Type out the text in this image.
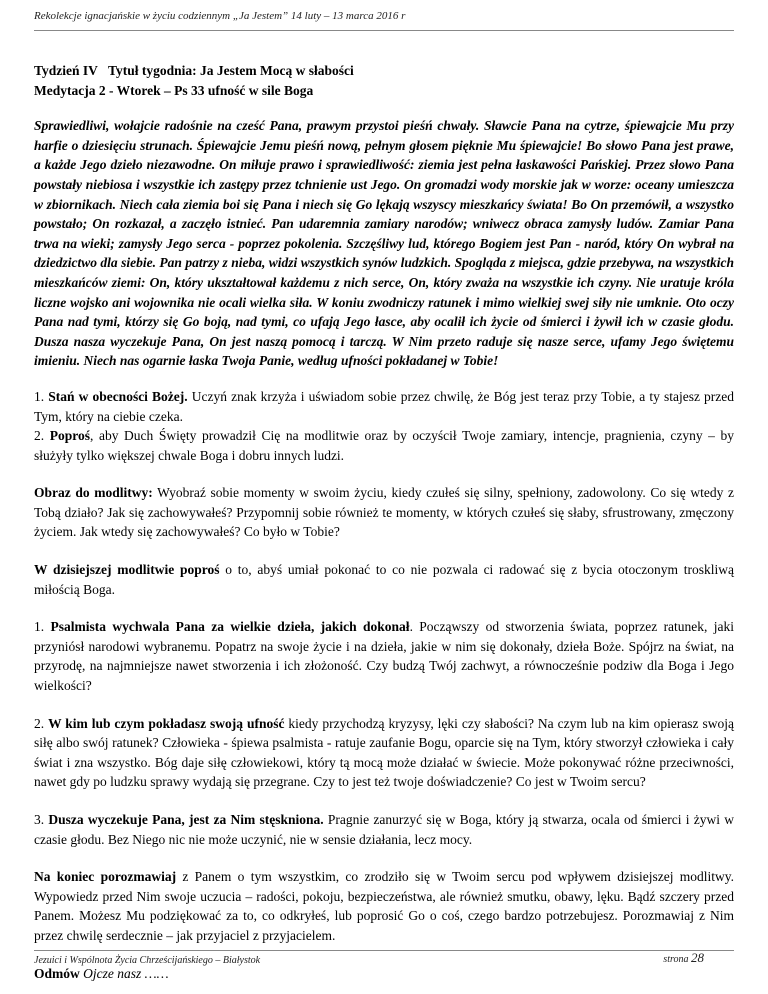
Rekolekcje ignacjańskie w życiu codziennym „Ja Jestem” 14 luty – 13 marca 2016 r

Tydzień IV Tytuł tygodnia: Ja Jestem Mocą w słabości

Medytacja 2 - Wtorek – Ps 33 ufność w sile Boga

Sprawiedliwi, wołajcie radośnie na cześć Pana, prawym przystoi pieśń chwały. Sławcie Pana na cytrze, śpiewajcie Mu przy harfie o dziesięciu strunach. Śpiewajcie Jemu pieśń nową, pełnym głosem pięknie Mu śpiewajcie! Bo słowo Pana jest prawe, a każde Jego dzieło niezawodne. On miłuje prawo i sprawiedliwość: ziemia jest pełna łaskawości Pańskiej. Przez słowo Pana powstały niebiosa i wszystkie ich zastępy przez tchnienie ust Jego. On gromadzi wody morskie jak w worze: oceany umieszcza w zbiornikach. Niech cała ziemia boi się Pana i niech się Go lękają wszyscy mieszkańcy świata! Bo On przemówił, a wszystko powstało; On rozkazał, a zaczęło istnieć. Pan udaremnia zamiary narodów; wniwecz obraca zamysły ludów. Zamiar Pana trwa na wieki; zamysły Jego serca - poprzez pokolenia. Szczęśliwy lud, którego Bogiem jest Pan - naród, który On wybrał na dziedzictwo dla siebie. Pan patrzy z nieba, widzi wszystkich synów ludzkich. Spogląda z miejsca, gdzie przebywa, na wszystkich mieszkańców ziemi: On, który ukształtował każdemu z nich serce, On, który zważa na wszystkie ich czyny. Nie uratuje króla liczne wojsko ani wojownika nie ocali wielka siła. W koniu zwodniczy ratunek i mimo wielkiej swej siły nie umknie. Oto oczy Pana nad tymi, którzy się Go boją, nad tymi, co ufają Jego łasce, aby ocalił ich życie od śmierci i żywił ich w czasie głodu. Dusza nasza wyczekuje Pana, On jest naszą pomocą i tarczą. W Nim przeto raduje się nasze serce, ufamy Jego świętemu imieniu. Niech nas ogarnie łaska Twoja Panie, według ufności pokładanej w Tobie!

1. Stań w obecności Bożej. Uczyń znak krzyża i uświadom sobie przez chwilę, że Bóg jest teraz przy Tobie, a ty stajesz przed Tym, który na ciebie czeka.

2. Poproś, aby Duch Święty prowadził Cię na modlitwie oraz by oczyścił Twoje zamiary, intencje, pragnienia, czyny – by służyły tylko większej chwale Boga i dobru innych ludzi.

Obraz do modlitwy: Wyobraź sobie momenty w swoim życiu, kiedy czułeś się silny, spełniony, zadowolony. Co się wtedy z Tobą działo? Jak się zachowywałeś? Przypomnij sobie również te momenty, w których czułeś się słaby, sfrustrowany, zmęczony życiem. Jak wtedy się zachowywałeś? Co było w Tobie?

W dzisiejszej modlitwie poproś o to, abyś umiał pokonać to co nie pozwala ci radować się z bycia otoczonym troskliwą miłością Boga.

1. Psalmista wychwala Pana za wielkie dzieła, jakich dokonał. Począwszy od stworzenia świata, poprzez ratunek, jaki przyniósł narodowi wybranemu. Popatrz na swoje życie i na dzieła, jakie w nim się dokonały, dzieła Boże. Spójrz na świat, na przyrodę, na najmniejsze nawet stworzenia i ich złożoność. Czy budzą Twój zachwyt, a równocześnie podziw dla Boga i Jego wielkości?

2. W kim lub czym pokładasz swoją ufność kiedy przychodzą kryzysy, lęki czy słabości? Na czym lub na kim opierasz swoją siłę albo swój ratunek? Człowieka - śpiewa psalmista - ratuje zaufanie Bogu, oparcie się na Tym, który stworzył człowieka i cały świat i zna wszystko. Bóg daje siłę człowiekowi, który tą mocą może działać w świecie. Może pokonywać różne przeciwności, nawet gdy po ludzku sprawy wydają się przegrane. Czy to jest też twoje doświadczenie? Co jest w Twoim sercu?

3. Dusza wyczekuje Pana, jest za Nim stęskniona. Pragnie zanurzyć się w Boga, który ją stwarza, ocala od śmierci i żywi w czasie głodu. Bez Niego nic nie może uczynić, nie w sensie działania, lecz mocy.

Na koniec porozmawiaj z Panem o tym wszystkim, co zrodziło się w Twoim sercu pod wpływem dzisiejszej modlitwy. Wypowiedz przed Nim swoje uczucia – radości, pokoju, bezpieczeństwa, ale również smutku, obawy, lęku. Bądź szczery przed Panem. Możesz Mu podziękować za to, co odkryłeś, lub poprosić Go o coś, czego bardzo potrzebujesz. Porozmawiaj z Nim przez chwilę serdecznie – jak przyjaciel z przyjacielem.

Odmów Ojcze nasz ……

Jezuici i Wspólnota Życia Chrześcijańskiego – Białystok	strona 28
